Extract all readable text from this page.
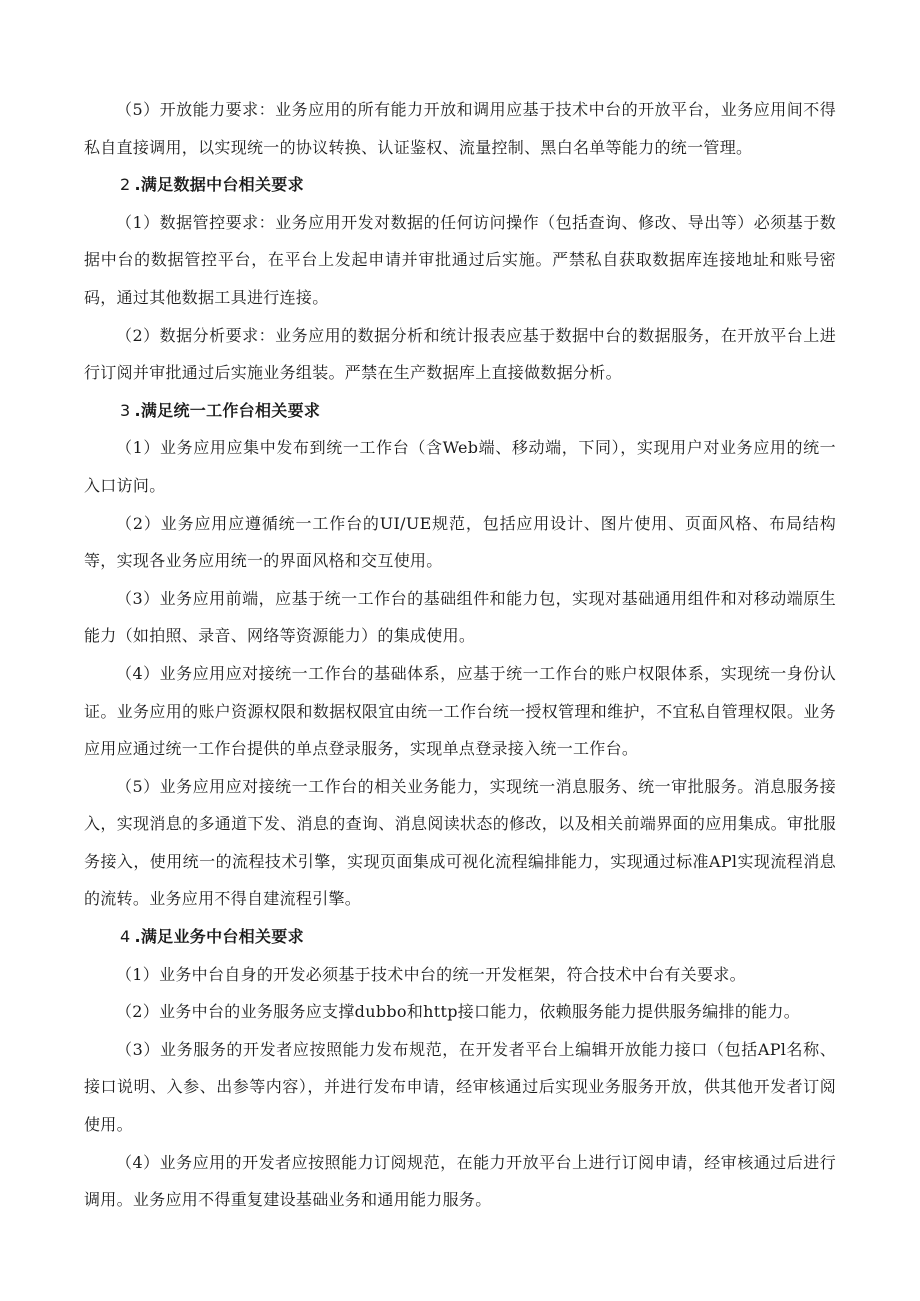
（5）开放能力要求：业务应用的所有能力开放和调用应基于技术中台的开放平台，业务应用间不得私自直接调用，以实现统一的协议转换、认证鉴权、流量控制、黑白名单等能力的统一管理。

2 .满足数据中台相关要求

（1）数据管控要求：业务应用开发对数据的任何访问操作（包括查询、修改、导出等）必须基于数据中台的数据管控平台，在平台上发起申请并审批通过后实施。严禁私自获取数据库连接地址和账号密码，通过其他数据工具进行连接。

（2）数据分析要求：业务应用的数据分析和统计报表应基于数据中台的数据服务，在开放平台上进行订阅并审批通过后实施业务组装。严禁在生产数据库上直接做数据分析。

3 .满足统一工作台相关要求

（1）业务应用应集中发布到统一工作台（含Web端、移动端，下同），实现用户对业务应用的统一入口访问。

（2）业务应用应遵循统一工作台的UI/UE规范，包括应用设计、图片使用、页面风格、布局结构等，实现各业务应用统一的界面风格和交互使用。

（3）业务应用前端，应基于统一工作台的基础组件和能力包，实现对基础通用组件和对移动端原生能力（如拍照、录音、网络等资源能力）的集成使用。

（4）业务应用应对接统一工作台的基础体系，应基于统一工作台的账户权限体系，实现统一身份认证。业务应用的账户资源权限和数据权限宜由统一工作台统一授权管理和维护，不宜私自管理权限。业务应用应通过统一工作台提供的单点登录服务，实现单点登录接入统一工作台。

（5）业务应用应对接统一工作台的相关业务能力，实现统一消息服务、统一审批服务。消息服务接入，实现消息的多通道下发、消息的查询、消息阅读状态的修改，以及相关前端界面的应用集成。审批服务接入，使用统一的流程技术引擎，实现页面集成可视化流程编排能力，实现通过标准APl实现流程消息的流转。业务应用不得自建流程引擎。

4 .满足业务中台相关要求

（1）业务中台自身的开发必须基于技术中台的统一开发框架，符合技术中台有关要求。

（2）业务中台的业务服务应支撑dubbo和http接口能力，依赖服务能力提供服务编排的能力。

（3）业务服务的开发者应按照能力发布规范，在开发者平台上编辑开放能力接口（包括APl名称、接口说明、入参、出参等内容），并进行发布申请，经审核通过后实现业务服务开放，供其他开发者订阅使用。

（4）业务应用的开发者应按照能力订阅规范，在能力开放平台上进行订阅申请，经审核通过后进行调用。业务应用不得重复建设基础业务和通用能力服务。
